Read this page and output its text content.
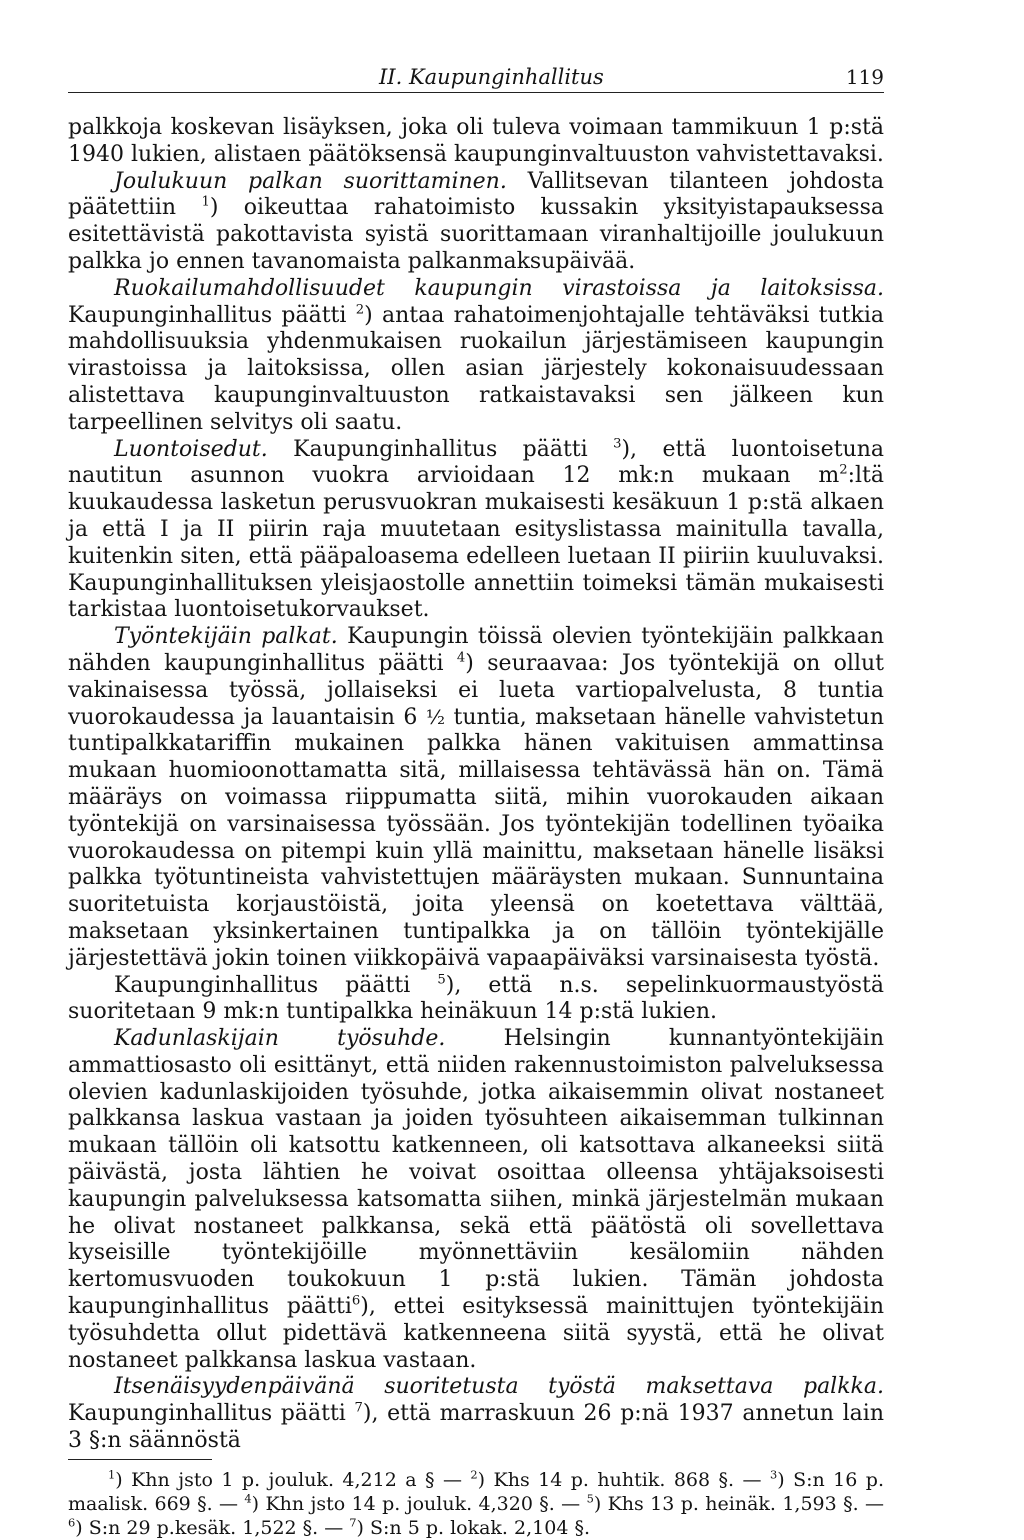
II. Kaupunginhallitus	119

palkkoja koskevan lisäyksen, joka oli tuleva voimaan tammikuun 1 p:stä 1940 lukien, alistaen päätöksensä kaupunginvaltuuston vahvistettavaksi.

Joulukuun palkan suorittaminen. Vallitsevan tilanteen johdosta päätettiin $^1$) oikeuttaa rahatoimisto kussakin yksityistapauksessa esitettävistä pakottavista syistä suorittamaan viranhaltijoille joulukuun palkka jo ennen tavanomaista palkanmaksupäivää.

Ruokailumahdollisuudet kaupungin virastoissa ja laitoksissa. Kaupunginhallitus päätti $^2$) antaa rahatoimenjohtajalle tehtäväksi tutkia mahdollisuuksia yhdenmukaisen ruokailun järjestämiseen kaupungin virastoissa ja laitoksissa, ollen asian järjestely kokonaisuudessaan alistettava kaupunginvaltuuston ratkaistavaksi sen jälkeen kun tarpeellinen selvitys oli saatu.

Luontoisedut. Kaupunginhallitus päätti $^3$), että luontoisetuna nautitun asunnon vuokra arvioidaan 12 mk:n mukaan $m^2:ltä$ kuukaudessa lasketun perusvuokran mukaisesti kesäkuun 1 p:stä alkaen ja että I ja II piirin raja muutetaan esityslistassa mainitulla tavalla, kuitenkin siten, että pääpaloasema edelleen luetaan II piiriin kuuluvaksi. Kaupunginhallituksen yleisjaostolle annettiin toimeksi tämän mukaisesti tarkistaa luontoisetukorvaukset.

Työntekijäin palkat. Kaupungin töissä olevien työntekijäin palkkaan nähden kaupunginhallitus päätti $^4$) seuraavaa: Jos työntekijä on ollut vakinaisessa työssä, jollaiseksi ei lueta vartiopalvelusta, 8 tuntia vuorokaudessa ja lauantaisin 6 ½ tuntia, maksetaan hänelle vahvistetun tuntipalkkatariffin mukainen palkka hänen vakituisen ammattinsa mukaan huomioonottamatta sitä, millaisessa tehtävässä hän on. Tämä määräys on voimassa riippumatta siitä, mihin vuorokauden aikaan työntekijä on varsinaisessa työssään. Jos työntekijän todellinen työaika vuorokaudessa on pitempi kuin yllä mainittu, maksetaan hänelle lisäksi palkka työtuntineista vahvistettujen määräysten mukaan. Sunnuntaina suoritetuista korjaustöistä, joita yleensä on koetettava välttää, maksetaan yksinkertainen tuntipalkka ja on tällöin työntekijälle järjestettävä jokin toinen viikkopäivä vapaapäiväksi varsinaisesta työstä.

Kaupunginhallitus päätti $^5$), että n.s. sepelinkuormaustyöstä suoritetaan 9 mk:n tuntipalkka heinäkuun 14 p:stä lukien.

Kadunlaskijain työsuhde. Helsingin kunnantyöntekijäin ammattiosasto oli esittänyt, että niiden rakennustoimiston palveluksessa olevien kadunlaskijoiden työsuhde, jotka aikaisemmin olivat nostaneet palkkansa laskua vastaan ja joiden työsuhteen aikaisemman tulkinnan mukaan tällöin oli katsottu katkenneen, oli katsottava alkaneeksi siitä päivästä, josta lähtien he voivat osoittaa olleensa yhtäjaksoisesti kaupungin palveluksessa katsomatta siihen, minkä järjestelmän mukaan he olivat nostaneet palkkansa, sekä että päätöstä oli sovellettava kyseisille työntekijöille myönnettäviin kesälomiin nähden kertomusvuoden toukokuun 1 p:stä lukien. Tämän johdosta kaupunginhallitus päätti$^6$), ettei esityksessä mainittujen työntekijäin työsuhdetta ollut pidettävä katkenneena siitä syystä, että he olivat nostaneet palkkansa laskua vastaan.

Itsenäisyydenpäivänä suoritetusta työstä maksettava palkka. Kaupunginhallitus päätti $^7$), että marraskuun 26 p:nä 1937 annetun lain 3 §:n säännöstä

$^1$) Khn jsto 1 p. jouluk. 4,212 a § — $^2$) Khs 14 p. huhtik. 868 §. — $^3$) S:n 16 p. maalisk. 669 §. — $^4$) Khn jsto 14 p. jouluk. 4,320 §. — $^5$) Khs 13 p. heinäk. 1,593 §. — $^6$) S:n 29 p.kesäk. 1,522 §. — $^7$) S:n 5 p. lokak. 2,104 §.
